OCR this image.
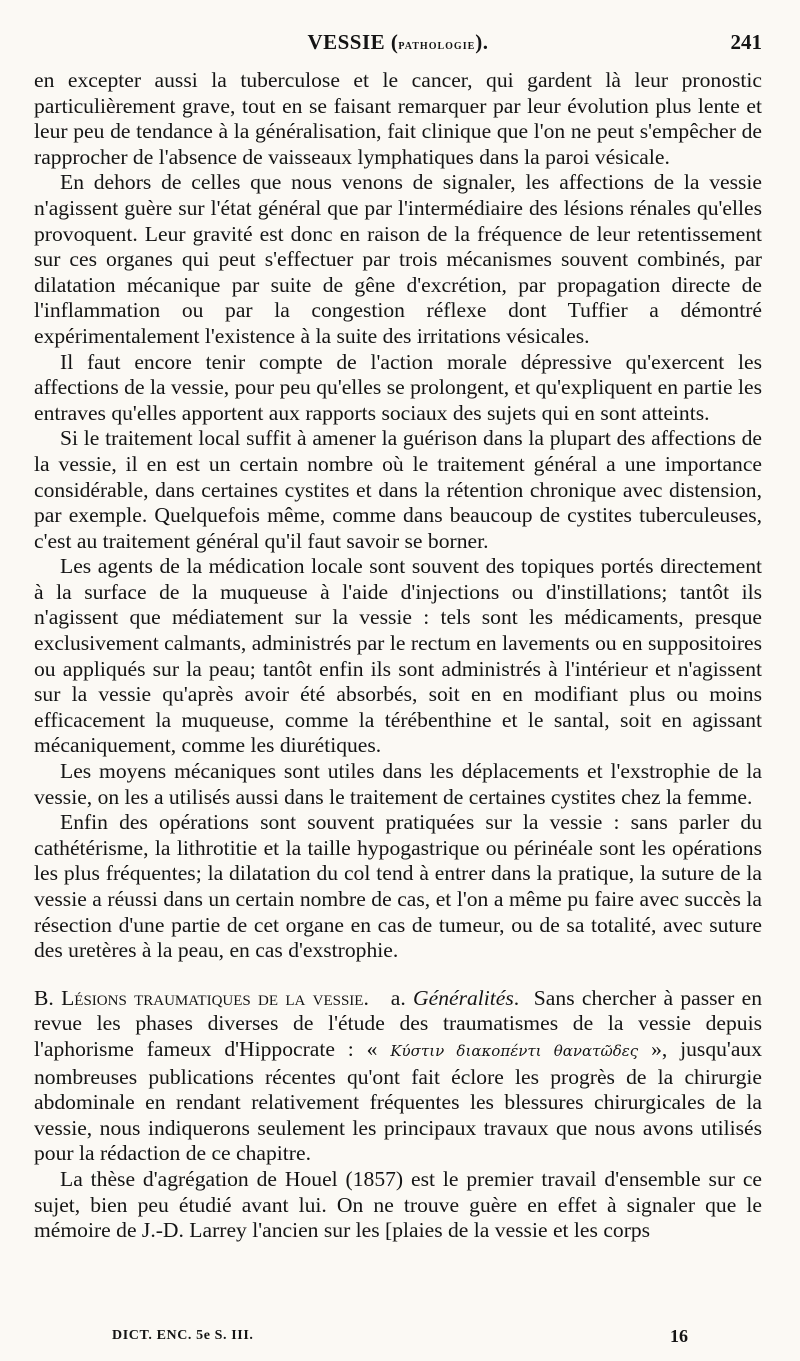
VESSIE (pathologie).	241

en excepter aussi la tuberculose et le cancer, qui gardent là leur pronostic particulièrement grave, tout en se faisant remarquer par leur évolution plus lente et leur peu de tendance à la généralisation, fait clinique que l'on ne peut s'empêcher de rapprocher de l'absence de vaisseaux lymphatiques dans la paroi vésicale.

En dehors de celles que nous venons de signaler, les affections de la vessie n'agissent guère sur l'état général que par l'intermédiaire des lésions rénales qu'elles provoquent. Leur gravité est donc en raison de la fréquence de leur retentissement sur ces organes qui peut s'effectuer par trois mécanismes souvent combinés, par dilatation mécanique par suite de gêne d'excrétion, par propagation directe de l'inflammation ou par la congestion réflexe dont Tuffier a démontré expérimentalement l'existence à la suite des irritations vésicales.

Il faut encore tenir compte de l'action morale dépressive qu'exercent les affections de la vessie, pour peu qu'elles se prolongent, et qu'expliquent en partie les entraves qu'elles apportent aux rapports sociaux des sujets qui en sont atteints.

Si le traitement local suffit à amener la guérison dans la plupart des affections de la vessie, il en est un certain nombre où le traitement général a une importance considérable, dans certaines cystites et dans la rétention chronique avec distension, par exemple. Quelquefois même, comme dans beaucoup de cystites tuberculeuses, c'est au traitement général qu'il faut savoir se borner.

Les agents de la médication locale sont souvent des topiques portés directement à la surface de la muqueuse à l'aide d'injections ou d'instillations; tantôt ils n'agissent que médiatement sur la vessie : tels sont les médicaments, presque exclusivement calmants, administrés par le rectum en lavements ou en suppositoires ou appliqués sur la peau; tantôt enfin ils sont administrés à l'intérieur et n'agissent sur la vessie qu'après avoir été absorbés, soit en en modifiant plus ou moins efficacement la muqueuse, comme la térébenthine et le santal, soit en agissant mécaniquement, comme les diurétiques.

Les moyens mécaniques sont utiles dans les déplacements et l'exstrophie de la vessie, on les a utilisés aussi dans le traitement de certaines cystites chez la femme.

Enfin des opérations sont souvent pratiquées sur la vessie : sans parler du cathétérisme, la lithrotitie et la taille hypogastrique ou périnéale sont les opérations les plus fréquentes; la dilatation du col tend à entrer dans la pratique, la suture de la vessie a réussi dans un certain nombre de cas, et l'on a même pu faire avec succès la résection d'une partie de cet organe en cas de tumeur, ou de sa totalité, avec suture des uretères à la peau, en cas d'exstrophie.

B. Lésions traumatiques de la vessie. a. Généralités. Sans chercher à passer en revue les phases diverses de l'étude des traumatismes de la vessie depuis l'aphorisme fameux d'Hippocrate : « Κύστιν διακοπέντι θανατῶδες », jusqu'aux nombreuses publications récentes qu'ont fait éclore les progrès de la chirurgie abdominale en rendant relativement fréquentes les blessures chirurgicales de la vessie, nous indiquerons seulement les principaux travaux que nous avons utilisés pour la rédaction de ce chapitre.

La thèse d'agrégation de Houel (1857) est le premier travail d'ensemble sur ce sujet, bien peu étudié avant lui. On ne trouve guère en effet à signaler que le mémoire de J.-D. Larrey l'ancien sur les [plaies de la vessie et les corps

DICT. ENC. 5e S. III.	16
